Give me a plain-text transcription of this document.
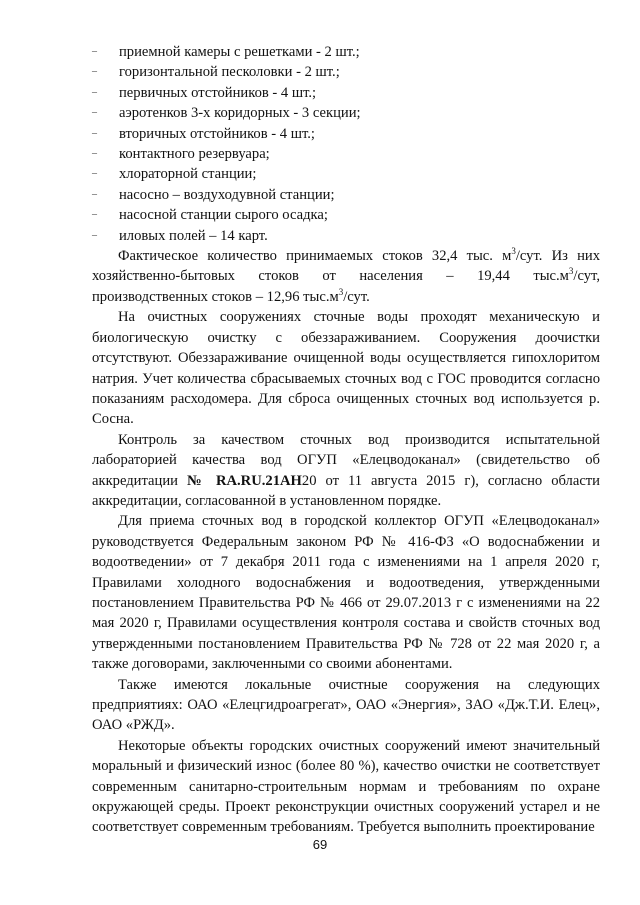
– приемной камеры с решетками - 2 шт.;
– горизонтальной песколовки - 2 шт.;
– первичных отстойников - 4 шт.;
– аэротенков 3-х коридорных - 3 секции;
– вторичных отстойников - 4 шт.;
– контактного резервуара;
– хлораторной станции;
– насосно – воздуходувной станции;
– насосной станции сырого осадка;
– иловых полей – 14 карт.

Фактическое количество принимаемых стоков 32,4 тыс. $м^3$/сут. Из них хозяйственно-бытовых стоков от населения – 19,44 $тыс.м^3$/сут, производственных стоков – 12,96 $тыс.м^3$/сут.

На очистных сооружениях сточные воды проходят механическую и биологическую очистку с обеззараживанием. Сооружения доочистки отсутствуют. Обеззараживание очищенной воды осуществляется гипохлоритом натрия. Учет количества сбрасываемых сточных вод с ГОС проводится согласно показаниям расходомера. Для сброса очищенных сточных вод используется р. Сосна.

Контроль за качеством сточных вод производится испытательной лабораторией качества вод ОГУП «Елецводоканал» (свидетельство об аккредитации № RA.RU.21АН20 от 11 августа 2015 г), согласно области аккредитации, согласованной в установленном порядке.

Для приема сточных вод в городской коллектор ОГУП «Елецводоканал» руководствуется Федеральным законом РФ № 416-ФЗ «О водоснабжении и водоотведении» от 7 декабря 2011 года с изменениями на 1 апреля 2020 г, Правилами холодного водоснабжения и водоотведения, утвержденными постановлением Правительства РФ № 466 от 29.07.2013 г с изменениями на 22 мая 2020 г, Правилами осуществления контроля состава и свойств сточных вод утвержденными постановлением Правительства РФ № 728 от 22 мая 2020 г, а также договорами, заключенными со своими абонентами.

Также имеются локальные очистные сооружения на следующих предприятиях: ОАО «Елецгидроагрегат», ОАО «Энергия», ЗАО «Дж.Т.И. Елец», ОАО «РЖД».

Некоторые объекты городских очистных сооружений имеют значительный моральный и физический износ (более 80 %), качество очистки не соответствует современным санитарно-строительным нормам и требованиям по охране окружающей среды. Проект реконструкции очистных сооружений устарел и не соответствует современным требованиям. Требуется выполнить проектирование

69
